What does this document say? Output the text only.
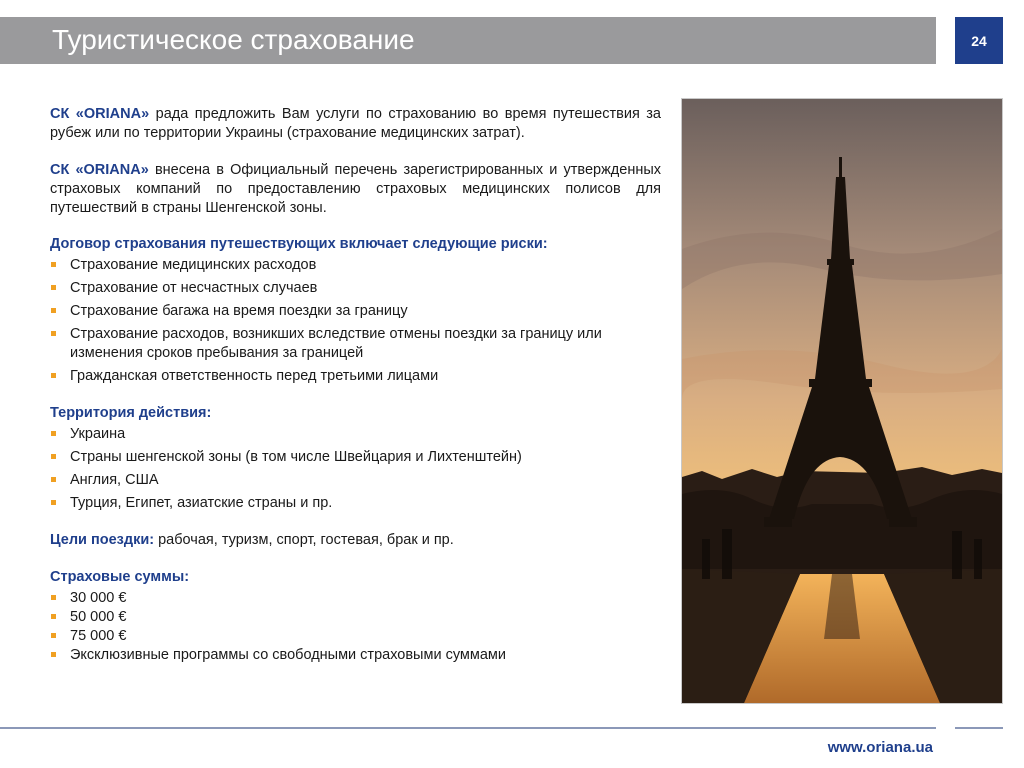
Туристическое страхование	24

СК «ORIANA» рада предложить Вам услуги по страхованию во время путешествия за рубеж или по территории Украины (страхование медицинских затрат).

СК «ORIANA» внесена в Официальный перечень зарегистрированных и утвержденных страховых компаний по предоставлению страховых медицинских полисов для путешествий в страны Шенгенской зоны.

Договор страхования путешествующих включает следующие риски:
Страхование медицинских расходов
Страхование от несчастных случаев
Страхование багажа на время поездки за границу
Страхование расходов, возникших вследствие отмены поездки за границу или изменения сроков пребывания за границей
Гражданская ответственность перед третьими лицами
Территория действия:
Украина
Страны шенгенской зоны (в том числе Швейцария и Лихтенштейн)
Англия, США
Турция, Египет, азиатские страны и пр.
Цели поездки: рабочая, туризм, спорт, гостевая, брак и пр.
Страховые суммы:
30 000 €
50 000 €
75 000 €
Эксклюзивные программы со свободными страховыми суммами
www.oriana.ua
